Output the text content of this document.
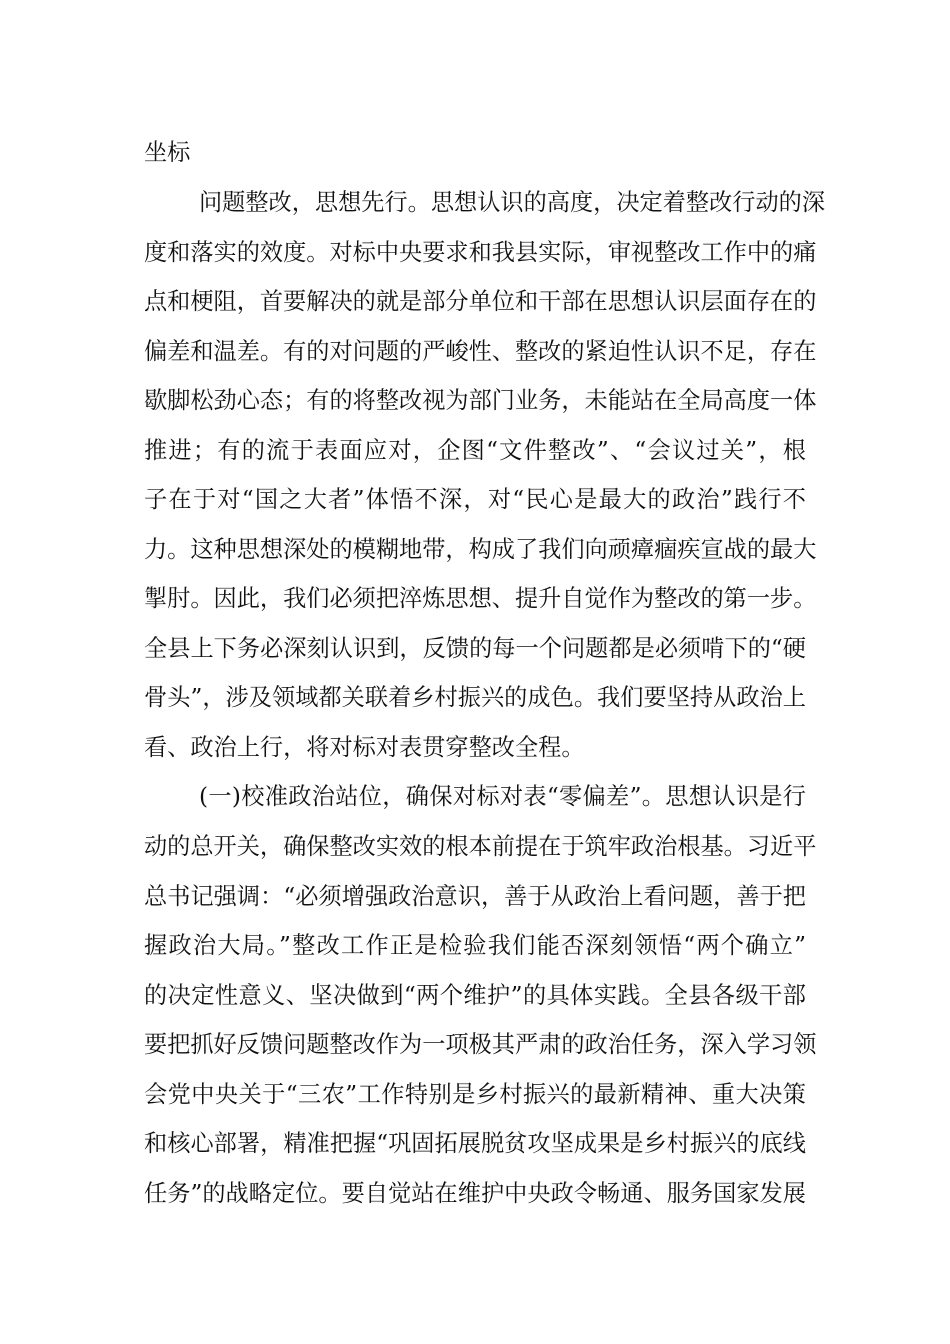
坐标
问题整改，思想先行。思想认识的高度，决定着整改行动的深
度和落实的效度。对标中央要求和我县实际，审视整改工作中的痛
点和梗阻，首要解决的就是部分单位和干部在思想认识层面存在的
偏差和温差。有的对问题的严峻性、整改的紧迫性认识不足，存在
歇脚松劲心态；有的将整改视为部门业务，未能站在全局高度一体
推进；有的流于表面应对，企图“文件整改”、“会议过关”，根
子在于对“国之大者”体悟不深，对“民心是最大的政治”践行不
力。这种思想深处的模糊地带，构成了我们向顽瘴痼疾宣战的最大
掣肘。因此，我们必须把淬炼思想、提升自觉作为整改的第一步。
全县上下务必深刻认识到，反馈的每一个问题都是必须啃下的“硬
骨头”，涉及领域都关联着乡村振兴的成色。我们要坚持从政治上
看、政治上行，将对标对表贯穿整改全程。
(一)校准政治站位，确保对标对表“零偏差”。思想认识是行
动的总开关，确保整改实效的根本前提在于筑牢政治根基。习近平
总书记强调：“必须增强政治意识，善于从政治上看问题，善于把
握政治大局。”整改工作正是检验我们能否深刻领悟“两个确立”
的决定性意义、坚决做到“两个维护”的具体实践。全县各级干部
要把抓好反馈问题整改作为一项极其严肃的政治任务，深入学习领
会党中央关于“三农”工作特别是乡村振兴的最新精神、重大决策
和核心部署，精准把握“巩固拓展脱贫攻坚成果是乡村振兴的底线
任务”的战略定位。要自觉站在维护中央政令畅通、服务国家发展
